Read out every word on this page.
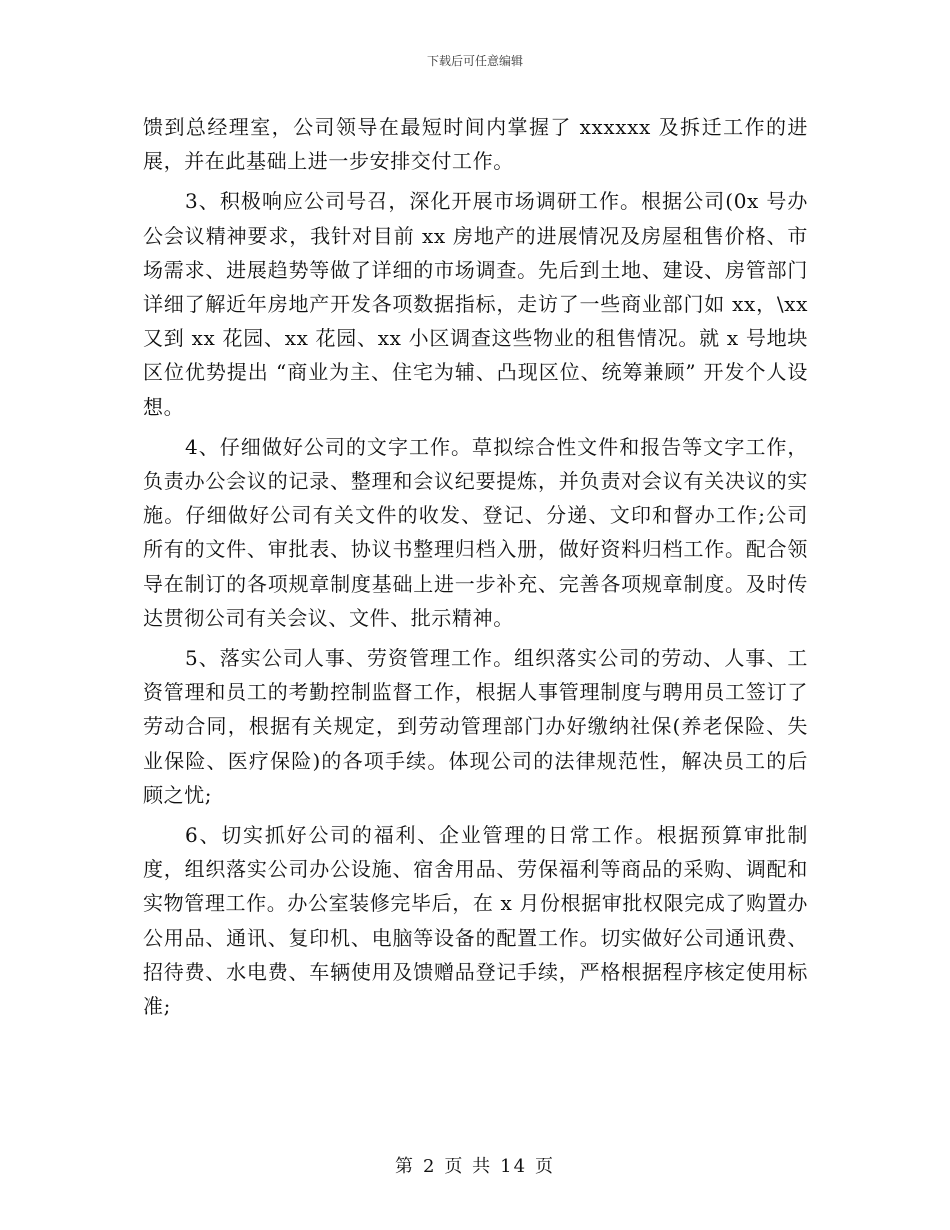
下载后可任意编辑

馈到总经理室，公司领导在最短时间内掌握了 xxxxxx 及拆迁工作的进展，并在此基础上进一步安排交付工作。

3、积极响应公司号召，深化开展市场调研工作。根据公司(0x 号办公会议精神要求，我针对目前 xx 房地产的进展情况及房屋租售价格、市场需求、进展趋势等做了详细的市场调查。先后到土地、建设、房管部门详细了解近年房地产开发各项数据指标，走访了一些商业部门如 xx，\xx 又到 xx 花园、xx 花园、xx 小区调查这些物业的租售情况。就 x 号地块区位优势提出 “商业为主、住宅为辅、凸现区位、统筹兼顾” 开发个人设想。

4、仔细做好公司的文字工作。草拟综合性文件和报告等文字工作，负责办公会议的记录、整理和会议纪要提炼，并负责对会议有关决议的实施。仔细做好公司有关文件的收发、登记、分递、文印和督办工作;公司所有的文件、审批表、协议书整理归档入册，做好资料归档工作。配合领导在制订的各项规章制度基础上进一步补充、完善各项规章制度。及时传达贯彻公司有关会议、文件、批示精神。

5、落实公司人事、劳资管理工作。组织落实公司的劳动、人事、工资管理和员工的考勤控制监督工作，根据人事管理制度与聘用员工签订了劳动合同，根据有关规定，到劳动管理部门办好缴纳社保(养老保险、失业保险、医疗保险)的各项手续。体现公司的法律规范性，解决员工的后顾之忧;

6、切实抓好公司的福利、企业管理的日常工作。根据预算审批制度，组织落实公司办公设施、宿舍用品、劳保福利等商品的采购、调配和实物管理工作。办公室装修完毕后，在 x 月份根据审批权限完成了购置办公用品、通讯、复印机、电脑等设备的配置工作。切实做好公司通讯费、招待费、水电费、车辆使用及馈赠品登记手续，严格根据程序核定使用标准;

第 2 页 共 14 页
